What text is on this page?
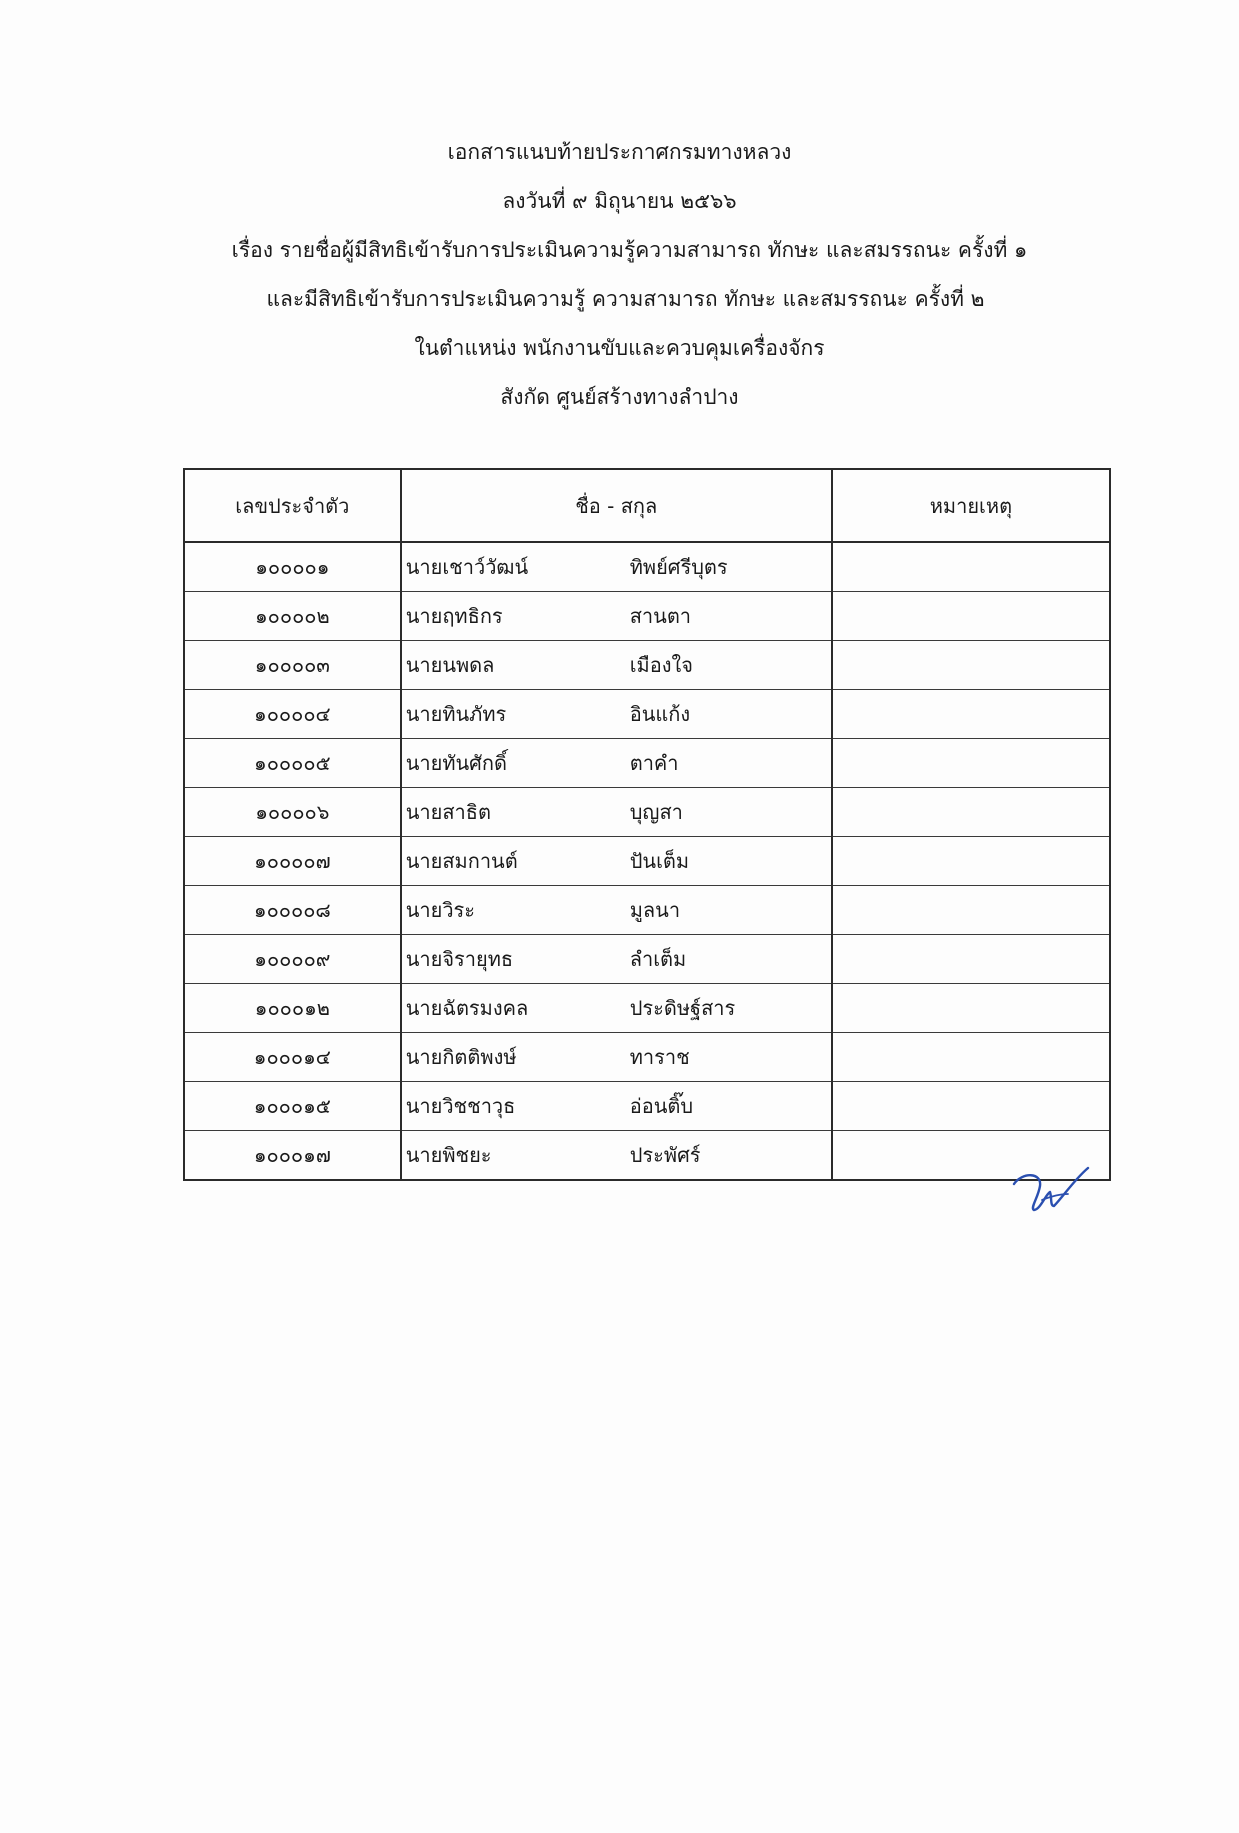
เอกสารแนบท้ายประกาศกรมทางหลวง
ลงวันที่ ๙ มิถุนายน ๒๕๖๖
เรื่อง รายชื่อผู้มีสิทธิเข้ารับการประเมินความรู้ความสามารถ ทักษะ และสมรรถนะ ครั้งที่ ๑
และมีสิทธิเข้ารับการประเมินความรู้ ความสามารถ ทักษะ และสมรรถนะ ครั้งที่ ๒
ในตำแหน่ง พนักงานขับและควบคุมเครื่องจักร
สังกัด ศูนย์สร้างทางลำปาง
เลขประจำตัว	ชื่อ - สกุล	หมายเหตุ
๑๐๐๐๐๑	นายเชาว์วัฒน์ ทิพย์ศรีบุตร	

๑๐๐๐๐๒	นายฤทธิกร สานตา	

๑๐๐๐๐๓	นายนพดล เมืองใจ	

๑๐๐๐๐๔	นายทินภัทร อินแก้ง	

๑๐๐๐๐๕	นายทันศักดิ์ ตาคำ	

๑๐๐๐๐๖	นายสาธิต บุญสา	

๑๐๐๐๐๗	นายสมกานต์ ปันเต็ม	

๑๐๐๐๐๘	นายวิระ มูลนา	

๑๐๐๐๐๙	นายจิรายุทธ ลำเต็ม	

๑๐๐๐๑๒	นายฉัตรมงคล ประดิษฐ์สาร	

๑๐๐๐๑๔	นายกิตติพงษ์ ทาราช	

๑๐๐๐๑๕	นายวิชชาวุธ อ่อนติ๊บ	

๑๐๐๐๑๗	นายพิชยะ ประพัศร์	
